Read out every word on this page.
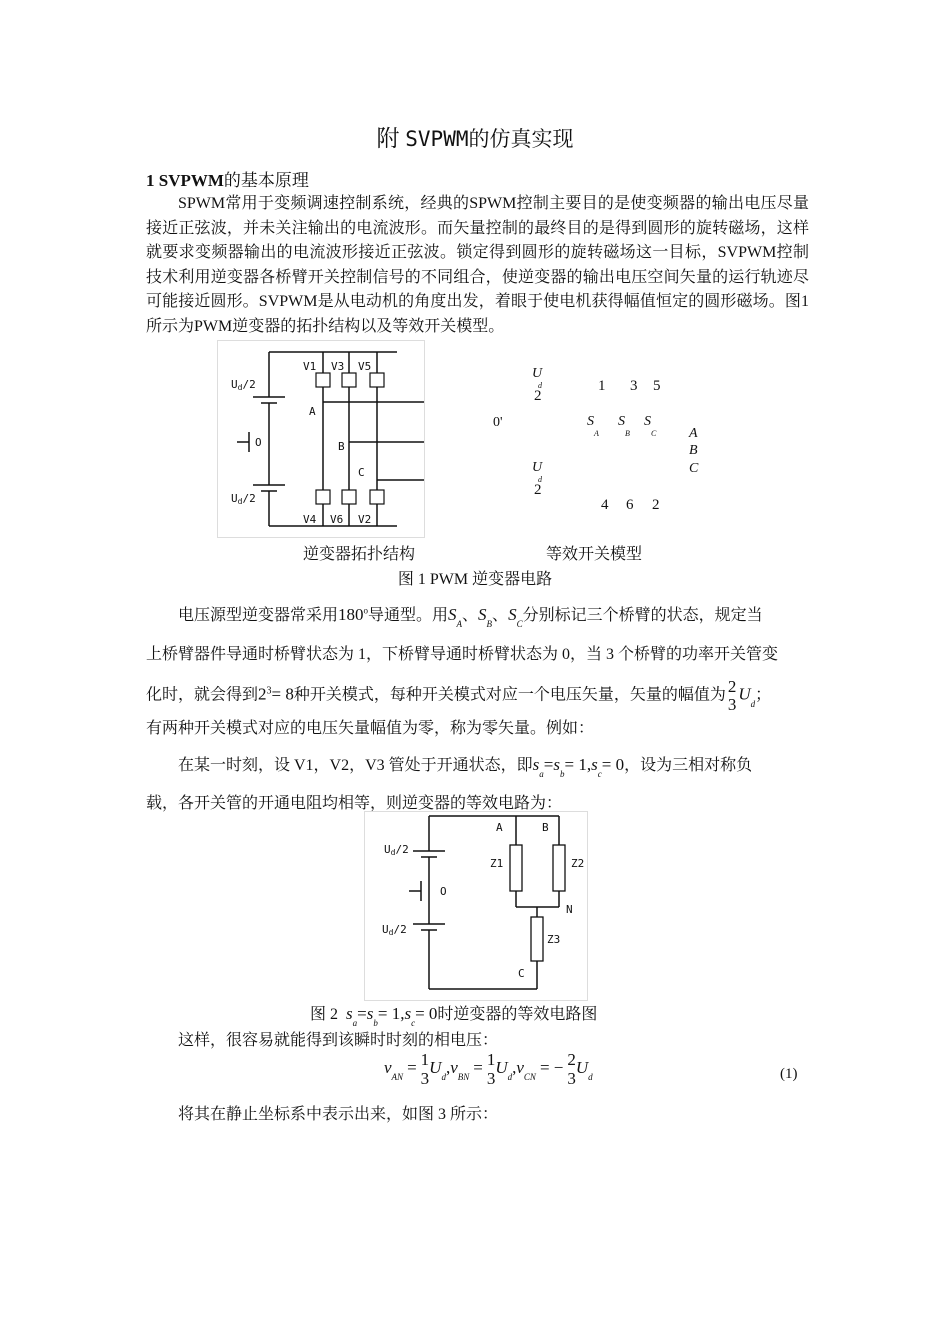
附 SVPWM的仿真实现
1 SVPWM的基本原理
SPWM常用于变频调速控制系统，经典的SPWM控制主要目的是使变频器的输出电压尽量接近正弦波，并未关注输出的电流波形。而矢量控制的最终目的是得到圆形的旋转磁场，这样就要求变频器输出的电流波形接近正弦波。锁定得到圆形的旋转磁场这一目标，SVPWM控制技术利用逆变器各桥臂开关控制信号的不同组合，使逆变器的输出电压空间矢量的运行轨迹尽可能接近圆形。SVPWM是从电动机的角度出发，着眼于使电机获得幅值恒定的圆形磁场。图1所示为PWM逆变器的拓扑结构以及等效开关模型。
V1 V3 V5
A
B
C
O
V4 V6 V2
Ud/2
Ud/2
U
d
2
1 3 5
0'	S
A
S
B
S
C A
B
C
U
d
2
4 6 2
逆变器拓扑结构	等效开关模型
图 1 PWM 逆变器电路
电压源型逆变器常采用180$^o$导通型。用$S_A$、$S_B$、$S_C$分别标记三个桥臂的状态，规定当
上桥臂器件导通时桥臂状态为 1，下桥臂导通时桥臂状态为 0，当 3 个桥臂的功率开关管变
化时，就会得到$2^3= 8$种开关模式，每种开关模式对应一个电压矢量，矢量的幅值为 2
3
$U_d$；
有两种开关模式对应的电压矢量幅值为零，称为零矢量。例如：
在某一时刻，设 V1，V2，V3 管处于开通状态，即$s_a=s_b= 1,s_c= 0$，设为三相对称负
载，各开关管的开通电阻均相等，则逆变器的等效电路为：
A	B
Z1	Z2
N
Z3
C
O
Ud/2
Ud/2
图 2 $s_a=s_b= 1,s_c= 0$时逆变器的等效电路图
这样，很容易就能得到该瞬时时刻的相电压：
$v_{AN} = 1$
3
$U_d,v_{BN} = 1$
3
$U_d,v_{CN}$ = − 2
3
$U_d$	(1)
将其在静止坐标系中表示出来，如图 3 所示：
